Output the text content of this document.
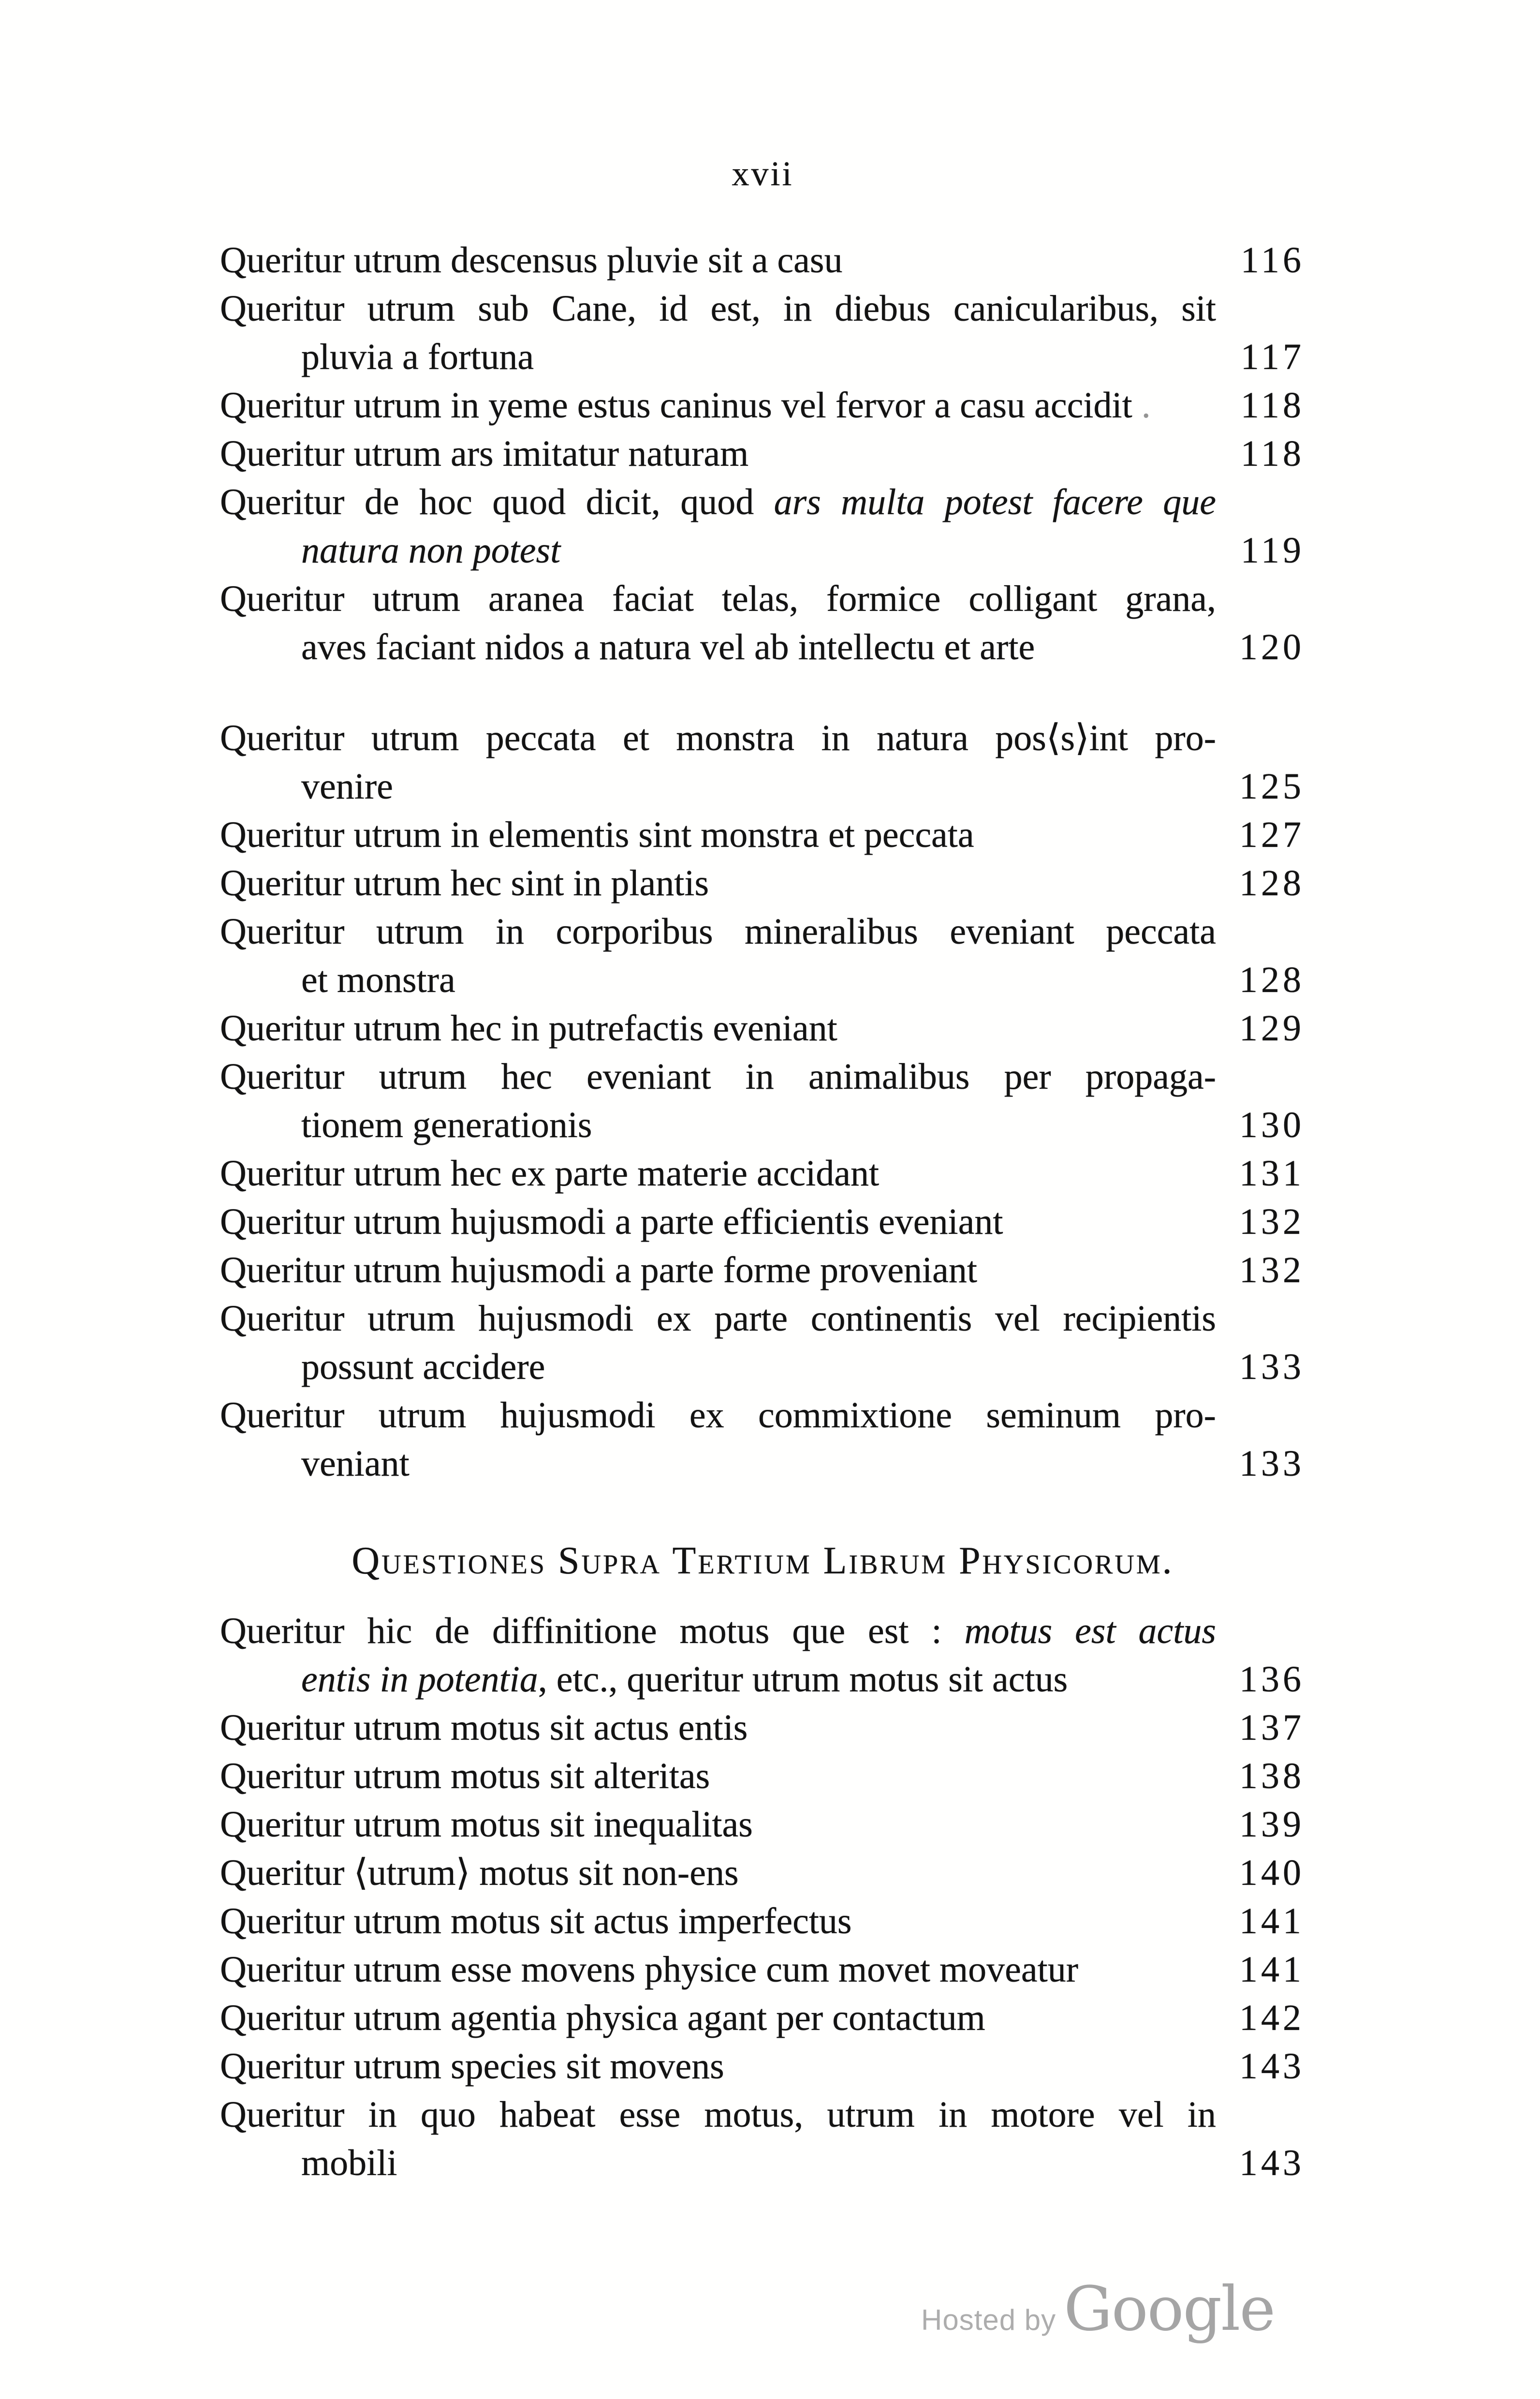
xvii
Queritur utrum descensus pluvie sit a casu	116
Queritur utrum sub Cane, id est, in diebus canicularibus, sit
pluvia a fortuna	117
Queritur utrum in yeme estus caninus vel fervor a casu accidit . 118
Queritur utrum ars imitatur naturam	118
Queritur de hoc quod dicit, quod ars multa potest facere que
natura non potest	119
Queritur utrum aranea faciat telas, formice colligant grana,
aves faciant nidos a natura vel ab intellectu et arte	120
Queritur utrum peccata et monstra in natura pos⟨s⟩int pro-
venire	125
Queritur utrum in elementis sint monstra et peccata	127
Queritur utrum hec sint in plantis	128
Queritur utrum in corporibus mineralibus eveniant peccata
et monstra	128
Queritur utrum hec in putrefactis eveniant	129
Queritur utrum hec eveniant in animalibus per propaga-
tionem generationis	130
Queritur utrum hec ex parte materie accidant	131
Queritur utrum hujusmodi a parte efficientis eveniant	132
Queritur utrum hujusmodi a parte forme proveniant	132
Queritur utrum hujusmodi ex parte continentis vel recipientis
possunt accidere	133
Queritur utrum hujusmodi ex commixtione seminum pro-
veniant	133
Questiones Supra Tertium Librum Physicorum.
Queritur hic de diffinitione motus que est : motus est actus
entis in potentia, etc., queritur utrum motus sit actus	136
Queritur utrum motus sit actus entis	137
Queritur utrum motus sit alteritas	138
Queritur utrum motus sit inequalitas	139
Queritur ⟨utrum⟩ motus sit non-ens	140
Queritur utrum motus sit actus imperfectus	141
Queritur utrum esse movens physice cum movet moveatur	141
Queritur utrum agentia physica agant per contactum	142
Queritur utrum species sit movens	143
Queritur in quo habeat esse motus, utrum in motore vel in
mobili	143
Hosted by Google
